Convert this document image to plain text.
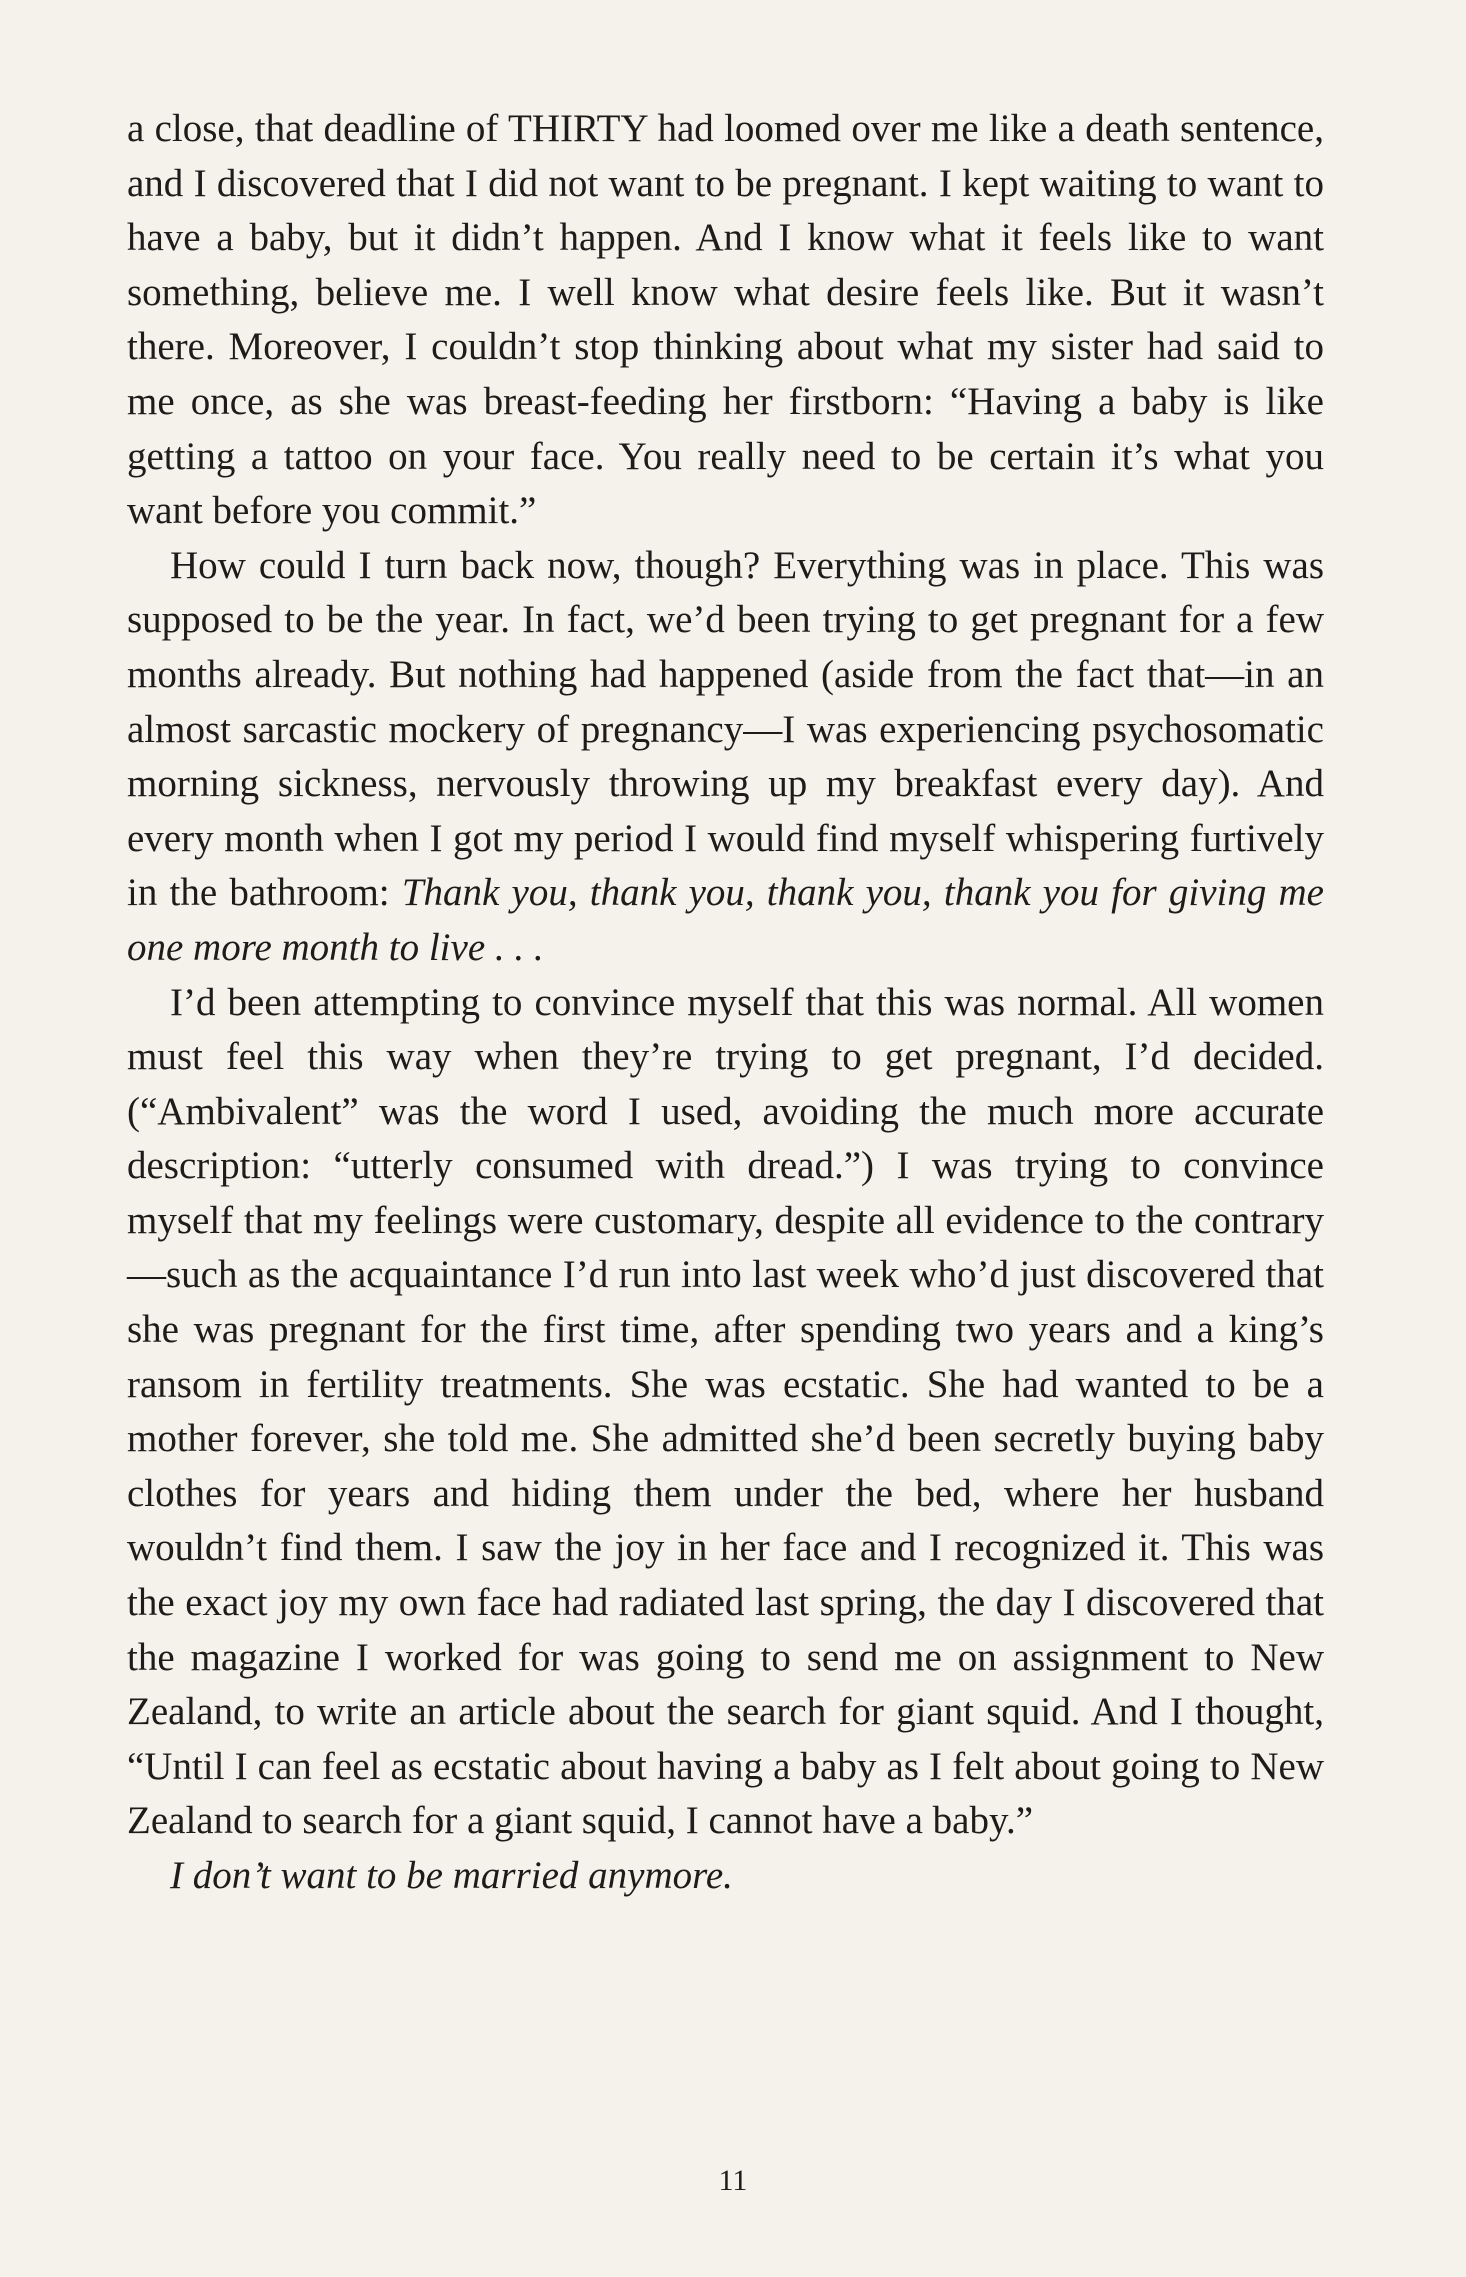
a close, that deadline of THIRTY had loomed over me like a death sentence, and I discovered that I did not want to be pregnant. I kept waiting to want to have a baby, but it didn’t happen. And I know what it feels like to want something, believe me. I well know what desire feels like. But it wasn’t there. Moreover, I couldn’t stop thinking about what my sister had said to me once, as she was breast-feeding her firstborn: “Having a baby is like getting a tattoo on your face. You really need to be certain it’s what you want before you commit.”

How could I turn back now, though? Everything was in place. This was supposed to be the year. In fact, we’d been trying to get pregnant for a few months already. But nothing had happened (aside from the fact that—in an almost sarcastic mockery of pregnancy—I was experiencing psychosomatic morning sickness, nervously throwing up my breakfast every day). And every month when I got my period I would find myself whispering furtively in the bathroom: Thank you, thank you, thank you, thank you for giving me one more month to live . . .

I’d been attempting to convince myself that this was normal. All women must feel this way when they’re trying to get pregnant, I’d decided. (“Ambivalent” was the word I used, avoiding the much more accurate description: “utterly consumed with dread.”) I was trying to convince myself that my feelings were customary, despite all evidence to the contrary—such as the acquaintance I’d run into last week who’d just discovered that she was pregnant for the first time, after spending two years and a king’s ransom in fertility treatments. She was ecstatic. She had wanted to be a mother forever, she told me. She admitted she’d been secretly buying baby clothes for years and hiding them under the bed, where her husband wouldn’t find them. I saw the joy in her face and I recognized it. This was the exact joy my own face had radiated last spring, the day I discovered that the magazine I worked for was going to send me on assignment to New Zealand, to write an article about the search for giant squid. And I thought, “Until I can feel as ecstatic about having a baby as I felt about going to New Zealand to search for a giant squid, I cannot have a baby.”

I don’t want to be married anymore.

11
